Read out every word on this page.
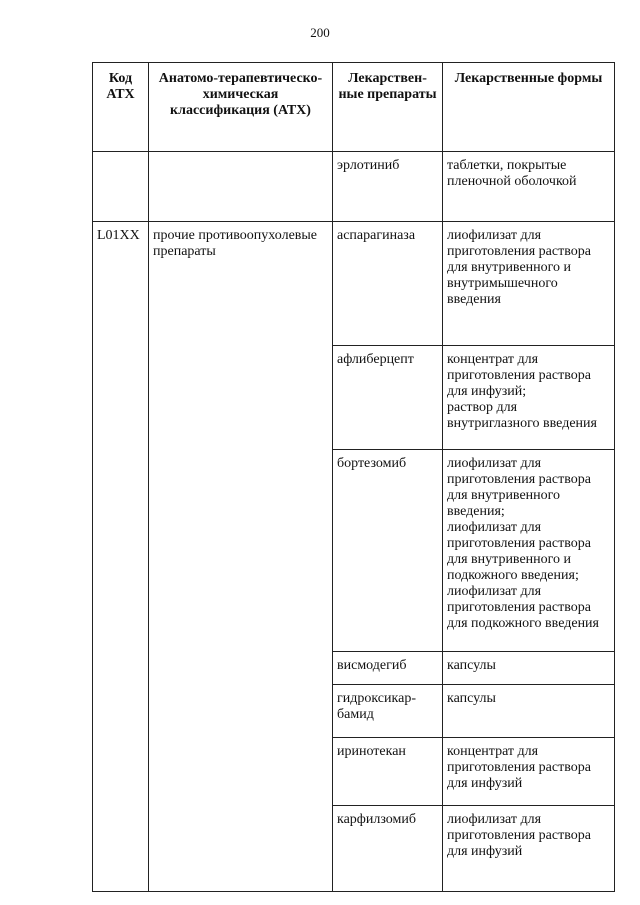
200
Код АТХ	Анатомо-терапевтическо-химическая классификация (АТХ)	Лекарствен-ные препараты	Лекарственные формы
		эрлотиниб	таблетки, покрытые пленочной оболочкой

L01XX	прочие противоопухолевые препараты	аспарагиназа	лиофилизат для приготовления раствора для внутривенного и внутримышечного введения

		афлиберцепт	концентрат для приготовления раствора для инфузий;
раствор для внутриглазного введения

		бортезомиб	лиофилизат для приготовления раствора для внутривенного введения;
лиофилизат для приготовления раствора для внутривенного и подкожного введения;
лиофилизат для приготовления раствора для подкожного введения

		висмодегиб	капсулы

		гидроксикар-бамид	капсулы

		иринотекан	концентрат для приготовления раствора для инфузий

		карфилзомиб	лиофилизат для приготовления раствора для инфузий
